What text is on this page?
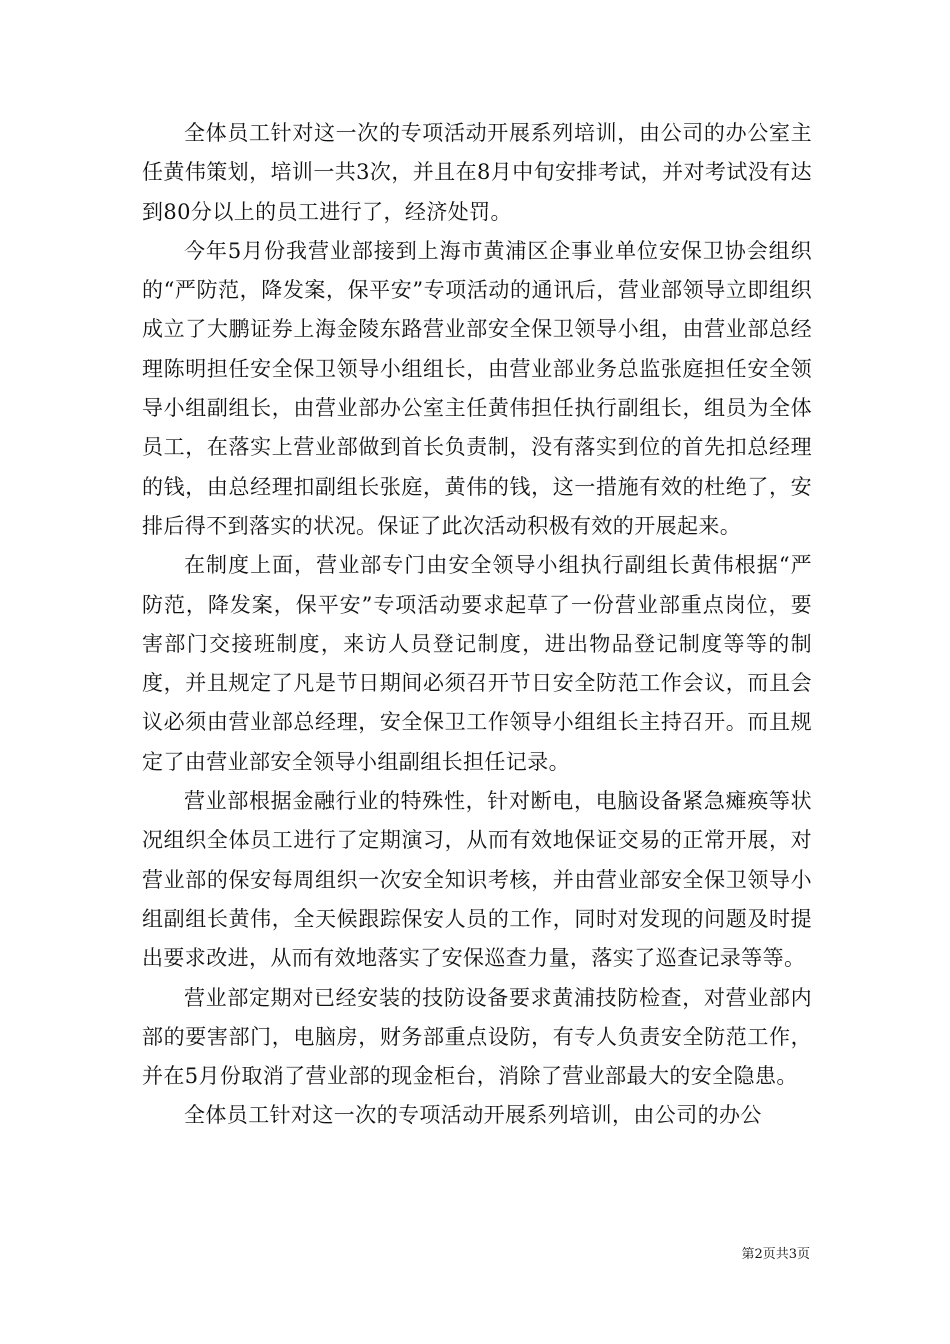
全体员工针对这一次的专项活动开展系列培训，由公司的办公室主任黄伟策划，培训一共3次，并且在8月中旬安排考试，并对考试没有达到80分以上的员工进行了，经济处罚。

今年5月份我营业部接到上海市黄浦区企事业单位安保卫协会组织的“严防范，降发案，保平安”专项活动的通讯后，营业部领导立即组织成立了大鹏证券上海金陵东路营业部安全保卫领导小组，由营业部总经理陈明担任安全保卫领导小组组长，由营业部业务总监张庭担任安全领导小组副组长，由营业部办公室主任黄伟担任执行副组长，组员为全体员工，在落实上营业部做到首长负责制，没有落实到位的首先扣总经理的钱，由总经理扣副组长张庭，黄伟的钱，这一措施有效的杜绝了，安排后得不到落实的状况。保证了此次活动积极有效的开展起来。

在制度上面，营业部专门由安全领导小组执行副组长黄伟根据“严防范，降发案，保平安”专项活动要求起草了一份营业部重点岗位，要害部门交接班制度，来访人员登记制度，进出物品登记制度等等的制度，并且规定了凡是节日期间必须召开节日安全防范工作会议，而且会议必须由营业部总经理，安全保卫工作领导小组组长主持召开。而且规定了由营业部安全领导小组副组长担任记录。

营业部根据金融行业的特殊性，针对断电，电脑设备紧急瘫痪等状况组织全体员工进行了定期演习，从而有效地保证交易的正常开展，对营业部的保安每周组织一次安全知识考核，并由营业部安全保卫领导小组副组长黄伟，全天候跟踪保安人员的工作，同时对发现的问题及时提出要求改进，从而有效地落实了安保巡查力量，落实了巡查记录等等。

营业部定期对已经安装的技防设备要求黄浦技防检查，对营业部内部的要害部门，电脑房，财务部重点设防，有专人负责安全防范工作，并在5月份取消了营业部的现金柜台，消除了营业部最大的安全隐患。

全体员工针对这一次的专项活动开展系列培训，由公司的办公

第2页共3页
